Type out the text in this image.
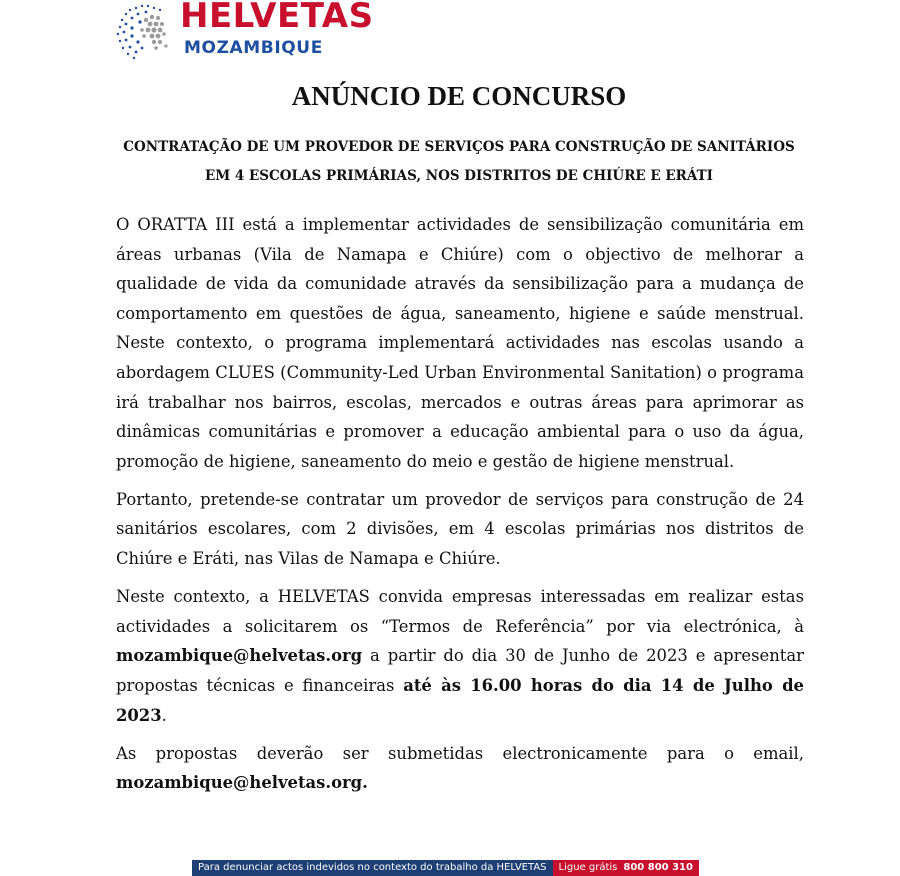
HELVETAS
MOZAMBIQUE
ANÚNCIO DE CONCURSO
CONTRATAÇÃO DE UM PROVEDOR DE SERVIÇOS PARA CONSTRUÇÃO DE SANITÁRIOS
EM 4 ESCOLAS PRIMÁRIAS, NOS DISTRITOS DE CHIÚRE E ERÁTI

O ORATTA III está a implementar actividades de sensibilização comunitária em áreas urbanas (Vila de Namapa e Chiúre) com o objectivo de melhorar a qualidade de vida da comunidade através da sensibilização para a mudança de comportamento em questões de água, saneamento, higiene e saúde menstrual. Neste contexto, o programa implementará actividades nas escolas usando a abordagem CLUES (Community-Led Urban Environmental Sanitation) o programa irá trabalhar nos bairros, escolas, mercados e outras áreas para aprimorar as dinâmicas comunitárias e promover a educação ambiental para o uso da água, promoção de higiene, saneamento do meio e gestão de higiene menstrual.

Portanto, pretende-se contratar um provedor de serviços para construção de 24 sanitários escolares, com 2 divisões, em 4 escolas primárias nos distritos de Chiúre e Eráti, nas Vilas de Namapa e Chiúre.

Neste contexto, a HELVETAS convida empresas interessadas em realizar estas actividades a solicitarem os “Termos de Referência” por via electrónica, à mozambique@helvetas.org a partir do dia 30 de Junho de 2023 e apresentar propostas técnicas e financeiras até às 16.00 horas do dia 14 de Julho de 2023.

As propostas deverão ser submetidas electronicamente para o email, mozambique@helvetas.org.

Para denunciar actos indevidos no contexto do trabalho da HELVETAS	Ligue grátis 800 800 310
